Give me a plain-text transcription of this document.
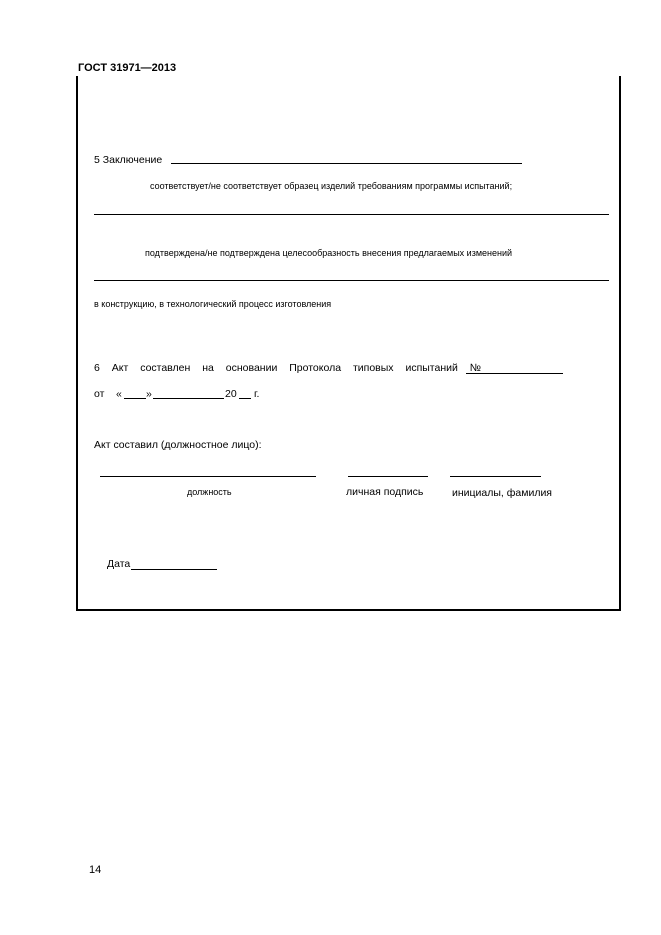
ГОСТ 31971—2013
5 Заключение
соответствует/не соответствует образец изделий требованиям программы испытаний;
подтверждена/не подтверждена целесообразность внесения предлагаемых изменений
в конструкцию, в технологический процесс изготовления
6 Акт составлен на основании Протокола типовых испытаний №
от « »	20 г.
Акт составил (должностное лицо):
должность	личная подпись	инициалы, фамилия
Дата
14
